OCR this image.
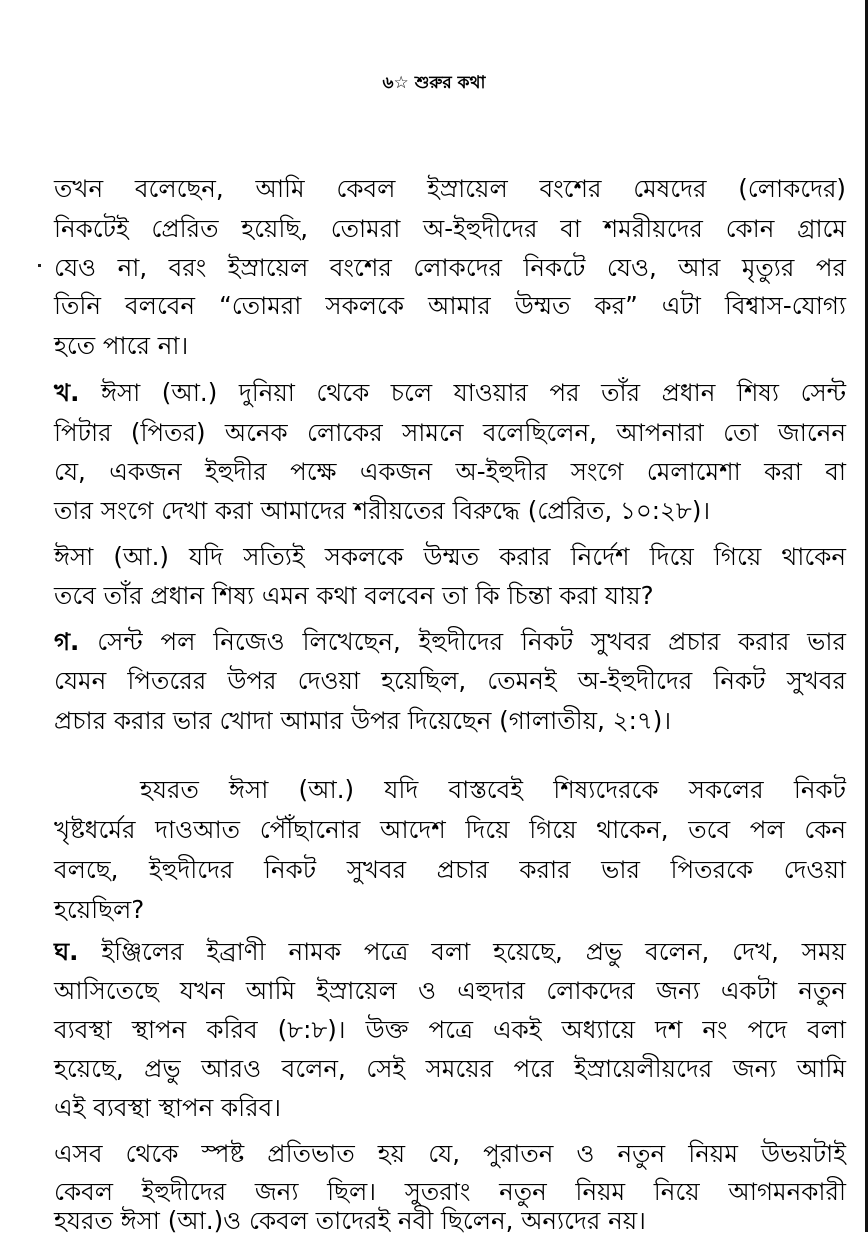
৬☆ শুরুর কথা
তখন বলেছেন, আমি কেবল ইস্রায়েল বংশের মেষদের (লোকদের)
নিকটেই প্রেরিত হয়েছি, তোমরা অ-ইহুদীদের বা শমরীয়দের কোন গ্রামে
যেও না, বরং ইস্রায়েল বংশের লোকদের নিকটে যেও, আর মৃত্যুর পর
তিনি বলবেন “তোমরা সকলকে আমার উম্মত কর” এটা বিশ্বাস-যোগ্য
হতে পারে না।
খ. ঈসা (আ.) দুনিয়া থেকে চলে যাওয়ার পর তাঁর প্রধান শিষ্য সেন্ট
পিটার (পিতর) অনেক লোকের সামনে বলেছিলেন, আপনারা তো জানেন
যে, একজন ইহুদীর পক্ষে একজন অ-ইহুদীর সংগে মেলামেশা করা বা
তার সংগে দেখা করা আমাদের শরীয়তের বিরুদ্ধে (প্রেরিত, ১০:২৮)।
ঈসা (আ.) যদি সত্যিই সকলকে উম্মত করার নির্দেশ দিয়ে গিয়ে থাকেন
তবে তাঁর প্রধান শিষ্য এমন কথা বলবেন তা কি চিন্তা করা যায়?
গ. সেন্ট পল নিজেও লিখেছেন, ইহুদীদের নিকট সুখবর প্রচার করার ভার
যেমন পিতরের উপর দেওয়া হয়েছিল, তেমনই অ-ইহুদীদের নিকট সুখবর
প্রচার করার ভার খোদা আমার উপর দিয়েছেন (গালাতীয়, ২:৭)।
হযরত ঈসা (আ.) যদি বাস্তবেই শিষ্যদেরকে সকলের নিকট
খৃষ্টধর্মের দাওআত পৌঁছানোর আদেশ দিয়ে গিয়ে থাকেন, তবে পল কেন
বলছে, ইহুদীদের নিকট সুখবর প্রচার করার ভার পিতরকে দেওয়া
হয়েছিল?
ঘ. ইঞ্জিলের ইব্রাণী নামক পত্রে বলা হয়েছে, প্রভু বলেন, দেখ, সময়
আসিতেছে যখন আমি ইস্রায়েল ও এহুদার লোকদের জন্য একটা নতুন
ব্যবস্থা স্থাপন করিব (৮:৮)। উক্ত পত্রে একই অধ্যায়ে দশ নং পদে বলা
হয়েছে, প্রভু আরও বলেন, সেই সময়ের পরে ইস্রায়েলীয়দের জন্য আমি
এই ব্যবস্থা স্থাপন করিব।
এসব থেকে স্পষ্ট প্রতিভাত হয় যে, পুরাতন ও নতুন নিয়ম উভয়টাই
কেবল ইহুদীদের জন্য ছিল। সুতরাং নতুন নিয়ম নিয়ে আগমনকারী
হযরত ঈসা (আ.)ও কেবল তাদেরই নবী ছিলেন, অন্যদের নয়।
